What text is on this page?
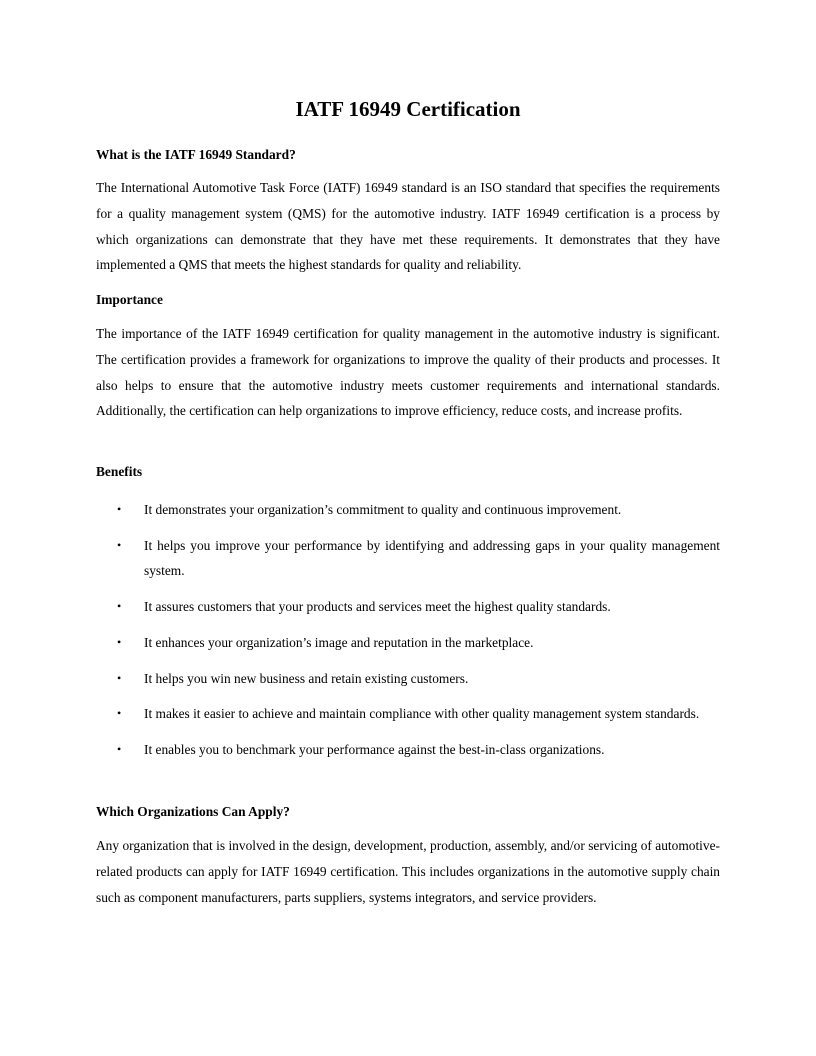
IATF 16949 Certification
What is the IATF 16949 Standard?

The International Automotive Task Force (IATF) 16949 standard is an ISO standard that specifies the requirements for a quality management system (QMS) for the automotive industry. IATF 16949 certification is a process by which organizations can demonstrate that they have met these requirements. It demonstrates that they have implemented a QMS that meets the highest standards for quality and reliability.

Importance

The importance of the IATF 16949 certification for quality management in the automotive industry is significant. The certification provides a framework for organizations to improve the quality of their products and processes. It also helps to ensure that the automotive industry meets customer requirements and international standards. Additionally, the certification can help organizations to improve efficiency, reduce costs, and increase profits.

Benefits
• It demonstrates your organization’s commitment to quality and continuous improvement.
• It helps you improve your performance by identifying and addressing gaps in your quality management system.
• It assures customers that your products and services meet the highest quality standards.
• It enhances your organization’s image and reputation in the marketplace.
• It helps you win new business and retain existing customers.
• It makes it easier to achieve and maintain compliance with other quality management system standards.
• It enables you to benchmark your performance against the best-in-class organizations.
Which Organizations Can Apply?

Any organization that is involved in the design, development, production, assembly, and/or servicing of automotive-related products can apply for IATF 16949 certification. This includes organizations in the automotive supply chain such as component manufacturers, parts suppliers, systems integrators, and service providers.
